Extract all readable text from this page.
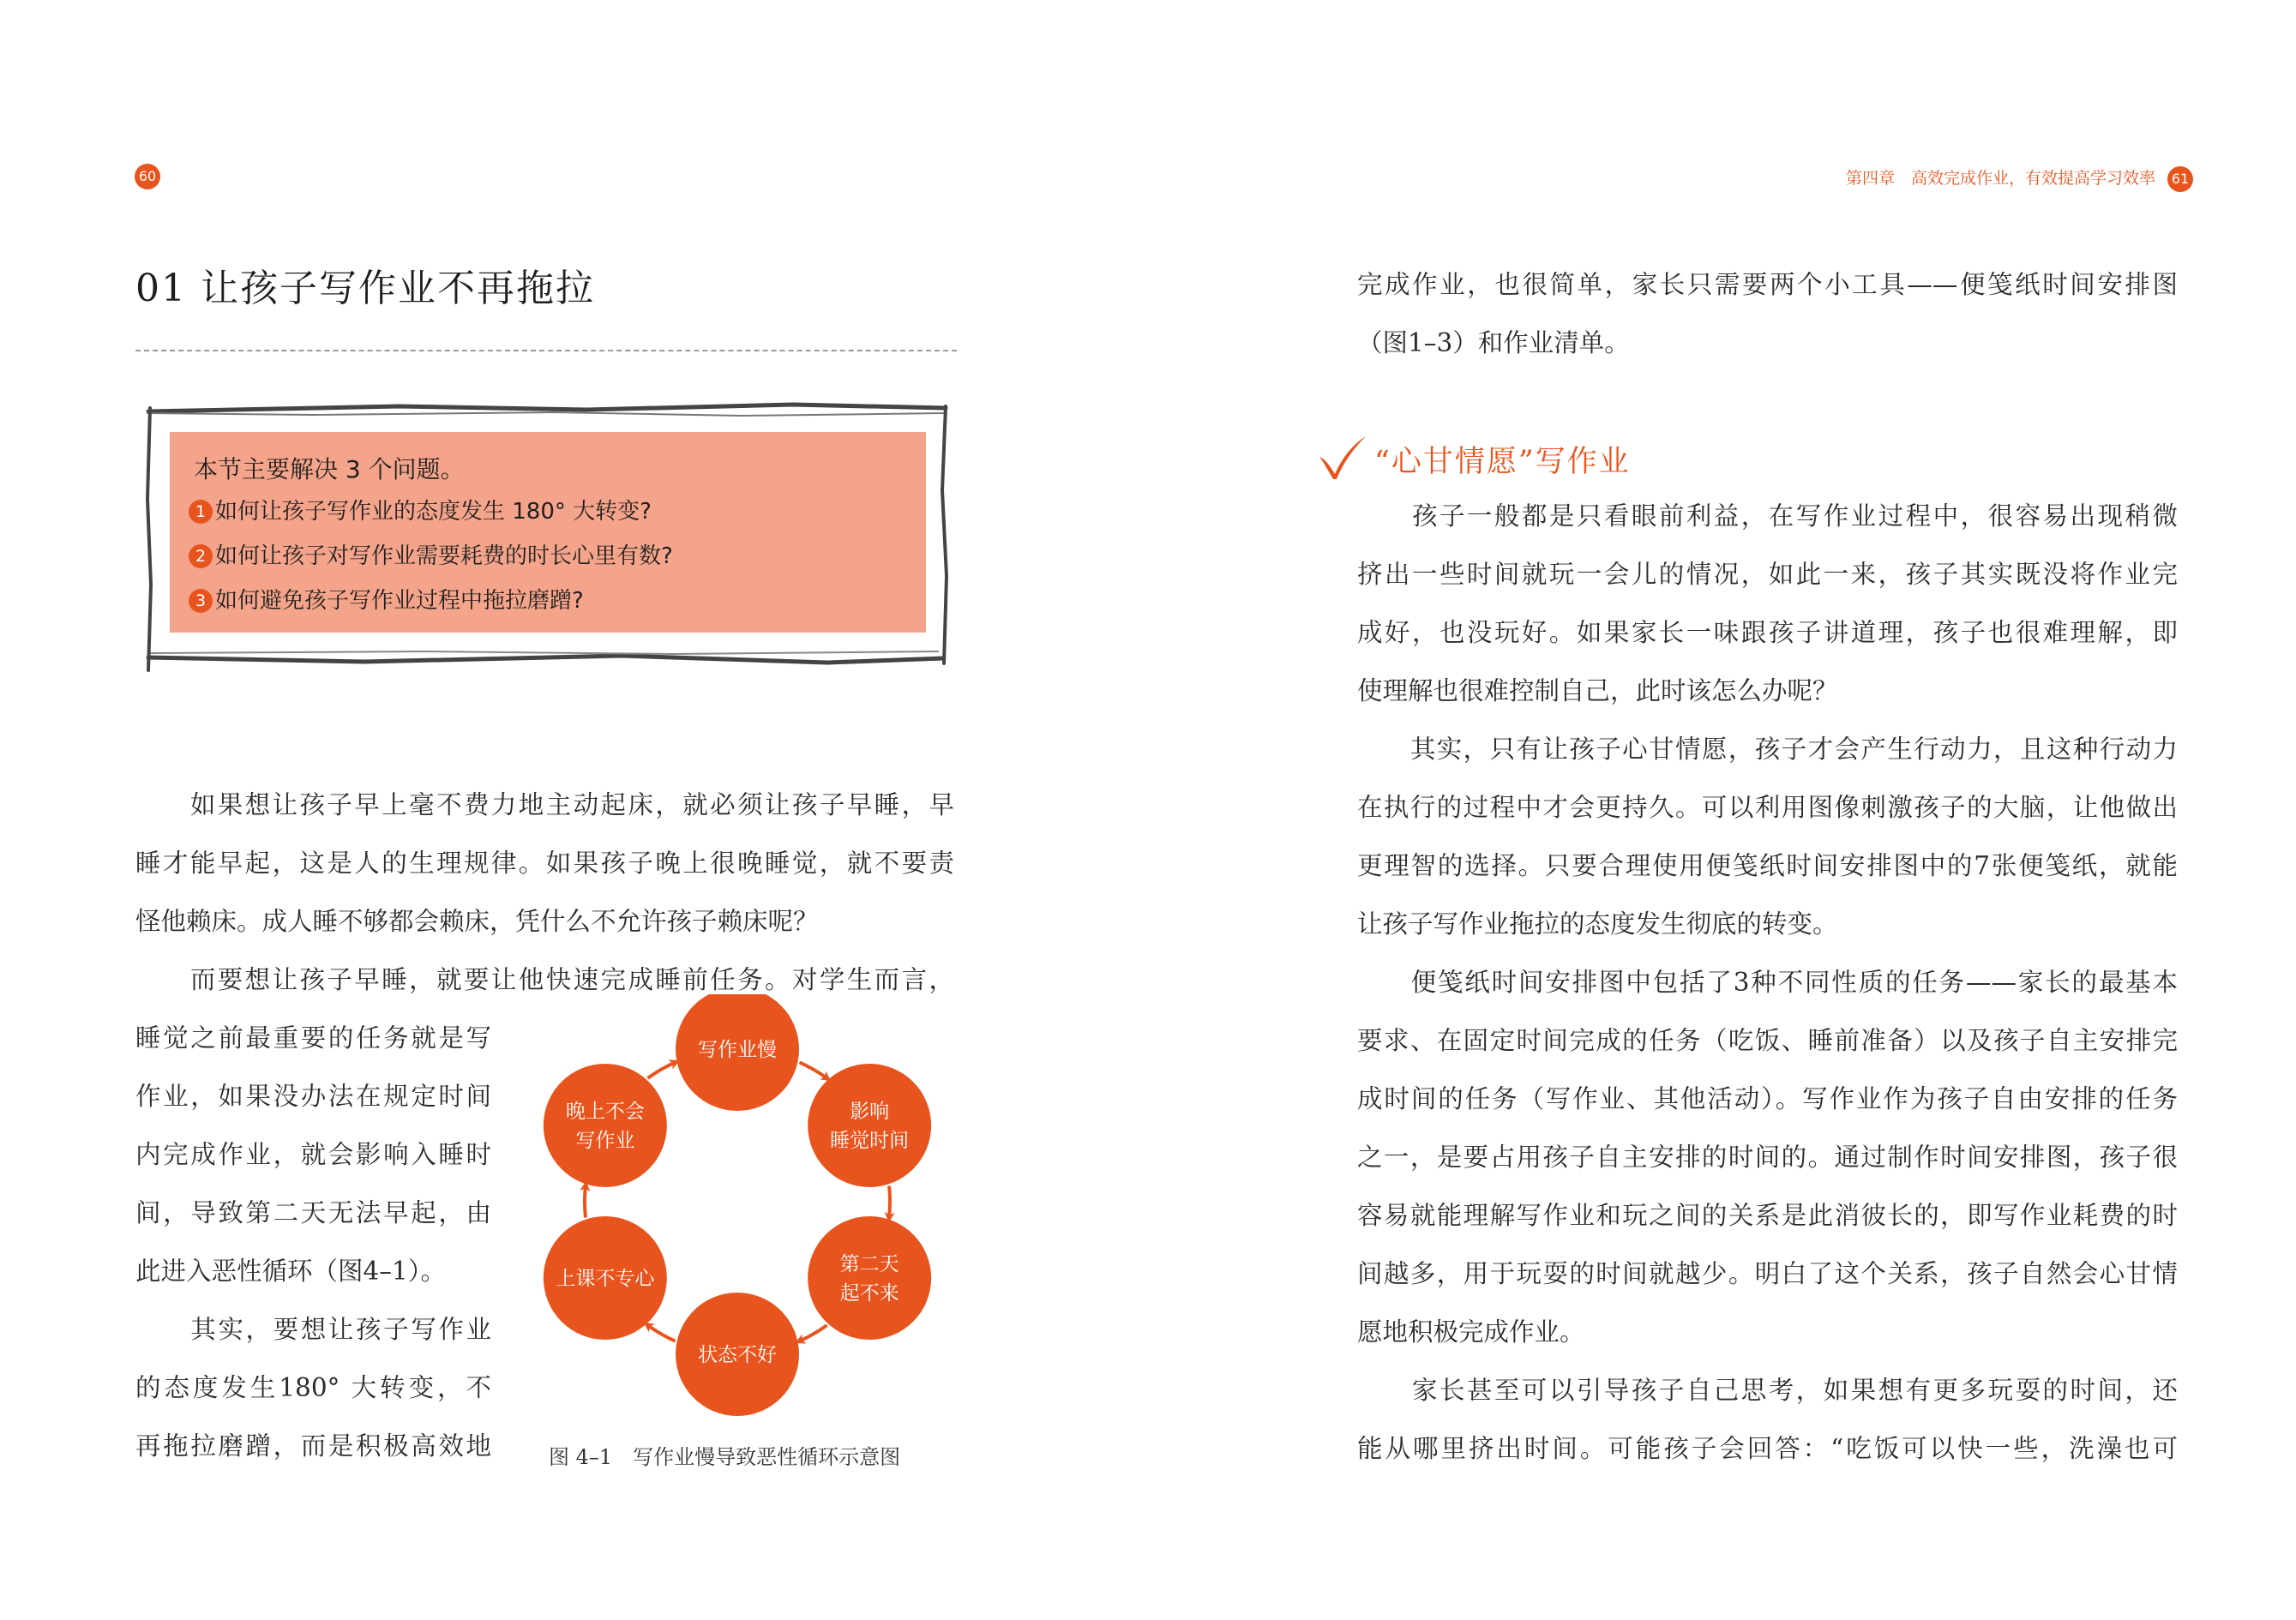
60
01 让孩子写作业不再拖拉
本节主要解决 3 个问题。
1 如何让孩子写作业的态度发生 180° 大转变?
2 如何让孩子对写作业需要耗费的时长心里有数?
3 如何避免孩子写作业过程中拖拉磨蹭?

　　如果想让孩子早上毫不费力地主动起床，就必须让孩子早睡，早
睡才能早起，这是人的生理规律。如果孩子晚上很晚睡觉，就不要责
怪他赖床。成人睡不够都会赖床，凭什么不允许孩子赖床呢？

　　而要想让孩子早睡，就要让他快速完成睡前任务。对学生而言，

睡觉之前最重要的任务就是写
作业，如果没办法在规定时间
内完成作业，就会影响入睡时
间，导致第二天无法早起，由
此进入恶性循环（图4–1）。

　　其实，要想让孩子写作业
的态度发生180° 大转变，不
再拖拉磨蹭，而是积极高效地

写作业慢
影响
睡觉时间
第二天
起不来
状态不好
上课不专心
晚上不会
写作业
图 4–1　写作业慢导致恶性循环示意图
第四章　高效完成作业，有效提高学习效率 61

完成作业，也很简单，家长只需要两个小工具——便笺纸时间安排图
（图1–3）和作业清单。

“心甘情愿”写作业

　　孩子一般都是只看眼前利益，在写作业过程中，很容易出现稍微
挤出一些时间就玩一会儿的情况，如此一来，孩子其实既没将作业完
成好，也没玩好。如果家长一味跟孩子讲道理，孩子也很难理解，即
使理解也很难控制自己，此时该怎么办呢？

　　其实，只有让孩子心甘情愿，孩子才会产生行动力，且这种行动力
在执行的过程中才会更持久。可以利用图像刺激孩子的大脑，让他做出
更理智的选择。只要合理使用便笺纸时间安排图中的7张便笺纸，就能
让孩子写作业拖拉的态度发生彻底的转变。

　　便笺纸时间安排图中包括了3种不同性质的任务——家长的最基本
要求、在固定时间完成的任务（吃饭、睡前准备）以及孩子自主安排完
成时间的任务（写作业、其他活动）。写作业作为孩子自由安排的任务
之一，是要占用孩子自主安排的时间的。通过制作时间安排图，孩子很
容易就能理解写作业和玩之间的关系是此消彼长的，即写作业耗费的时
间越多，用于玩耍的时间就越少。明白了这个关系，孩子自然会心甘情
愿地积极完成作业。

　　家长甚至可以引导孩子自己思考，如果想有更多玩耍的时间，还
能从哪里挤出时间。可能孩子会回答：“吃饭可以快一些，洗澡也可
